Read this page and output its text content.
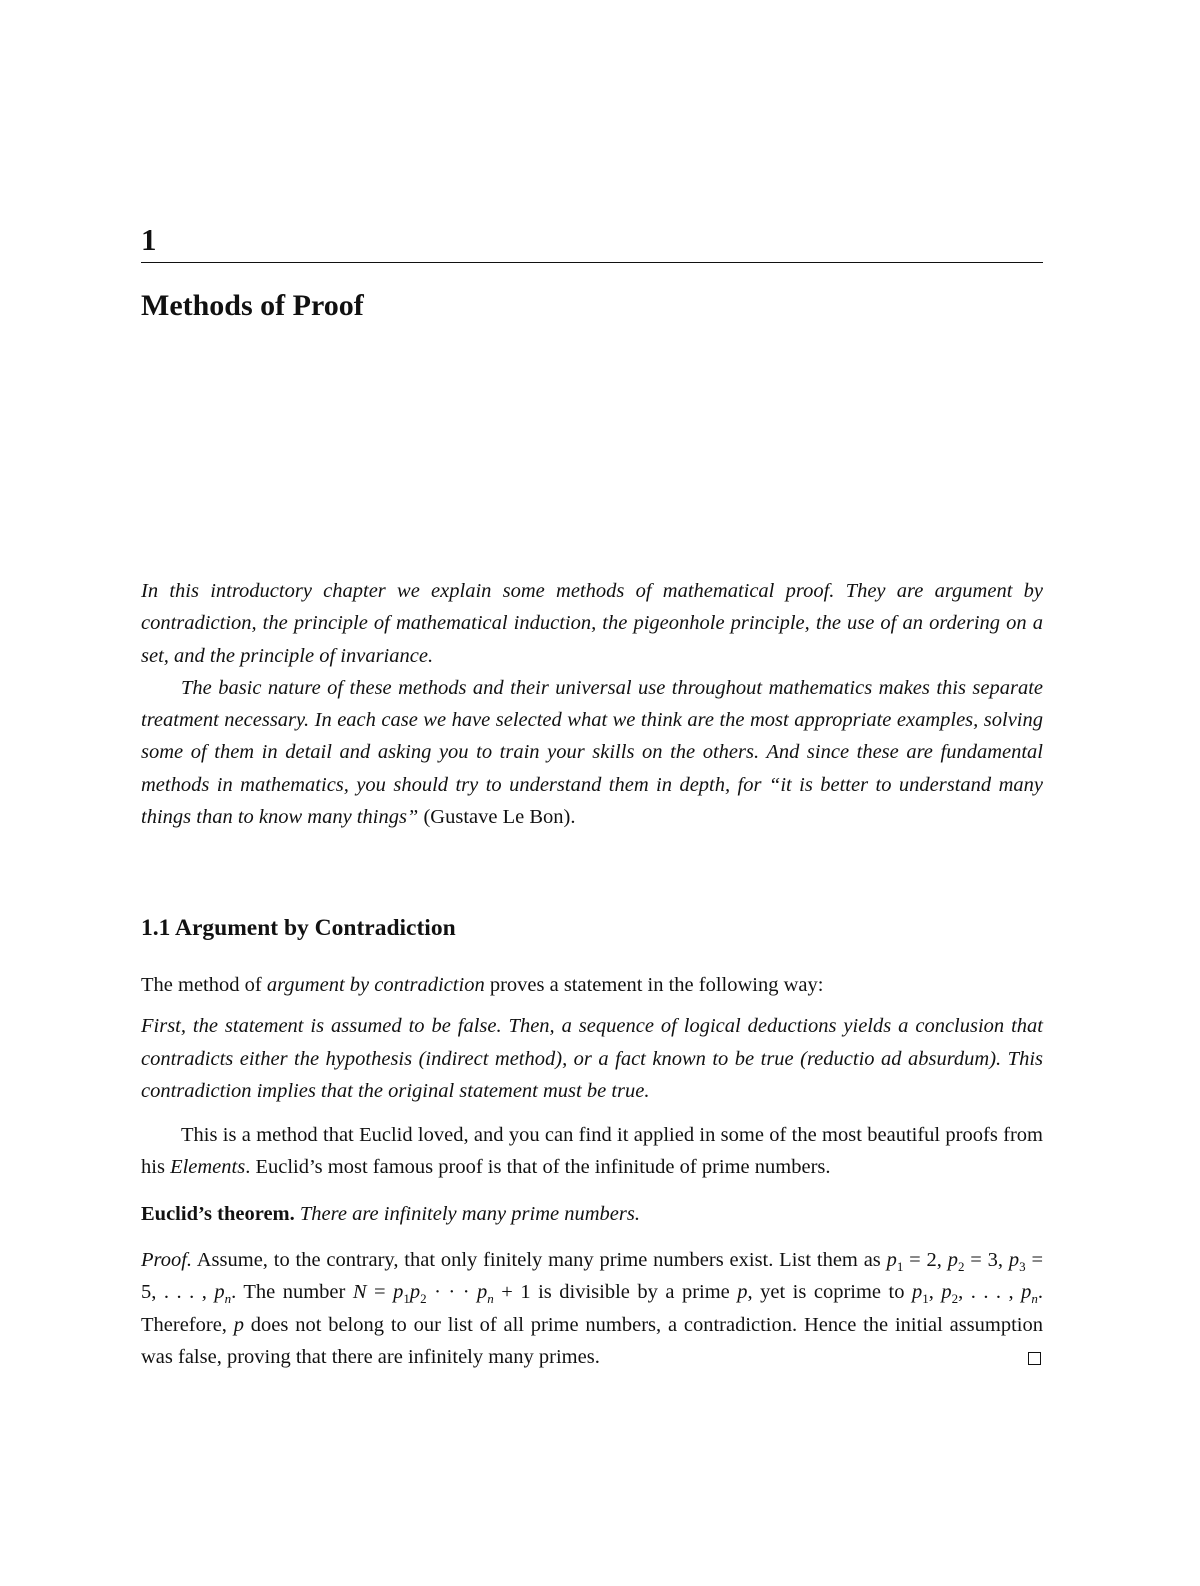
1
Methods of Proof

In this introductory chapter we explain some methods of mathematical proof. They are argument by contradiction, the principle of mathematical induction, the pigeonhole principle, the use of an ordering on a set, and the principle of invariance.

The basic nature of these methods and their universal use throughout mathematics makes this separate treatment necessary. In each case we have selected what we think are the most appropriate examples, solving some of them in detail and asking you to train your skills on the others. And since these are fundamental methods in mathematics, you should try to understand them in depth, for “it is better to understand many things than to know many things” (Gustave Le Bon).

1.1 Argument by Contradiction

The method of argument by contradiction proves a statement in the following way:

First, the statement is assumed to be false. Then, a sequence of logical deductions yields a conclusion that contradicts either the hypothesis (indirect method), or a fact known to be true (reductio ad absurdum). This contradiction implies that the original statement must be true.

This is a method that Euclid loved, and you can find it applied in some of the most beautiful proofs from his Elements. Euclid’s most famous proof is that of the infinitude of prime numbers.

Euclid’s theorem. There are infinitely many prime numbers.

Proof. Assume, to the contrary, that only finitely many prime numbers exist. List them as $p_1 = 2$, $p_2 = 3$, $p_3 = 5$, . . . , $p_n$. The number $N = p_1p_2$ · · · $p_n + 1$ is divisible by a prime p, yet is coprime to $p_1$, $p_2$, . . . , $p_n$. Therefore, p does not belong to our list of all prime numbers, a contradiction. Hence the initial assumption was false, proving that there are infinitely many primes.
